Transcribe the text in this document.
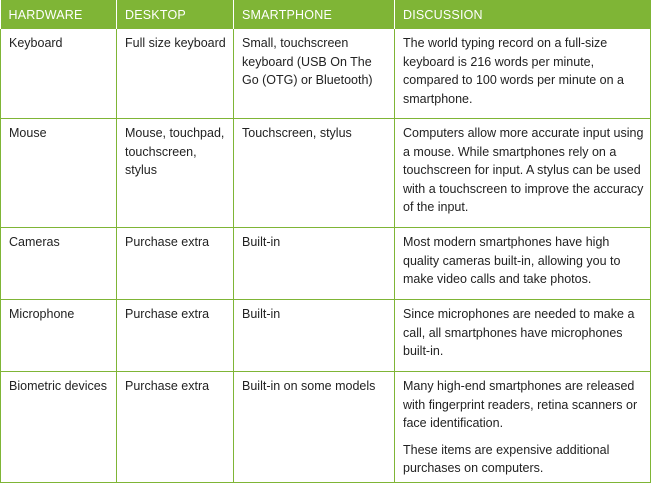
HARDWARE	DESKTOP	SMARTPHONE	DISCUSSION
Keyboard	Full size keyboard	Small, touchscreen keyboard (USB On The Go (OTG) or Bluetooth)	The world typing record on a full-size keyboard is 216 words per minute, compared to 100 words per minute on a smartphone.
Mouse	Mouse, touchpad, touchscreen, stylus	Touchscreen, stylus	Computers allow more accurate input using a mouse. While smartphones rely on a touchscreen for input. A stylus can be used with a touchscreen to improve the accuracy of the input.
Cameras	Purchase extra	Built-in	Most modern smartphones have high quality cameras built-in, allowing you to make video calls and take photos.
Microphone	Purchase extra	Built-in	Since microphones are needed to make a call, all smartphones have microphones built-in.
Biometric devices	Purchase extra	Built-in on some models	Many high-end smartphones are released with fingerprint readers, retina scanners or face identification.
These items are expensive additional purchases on computers.
